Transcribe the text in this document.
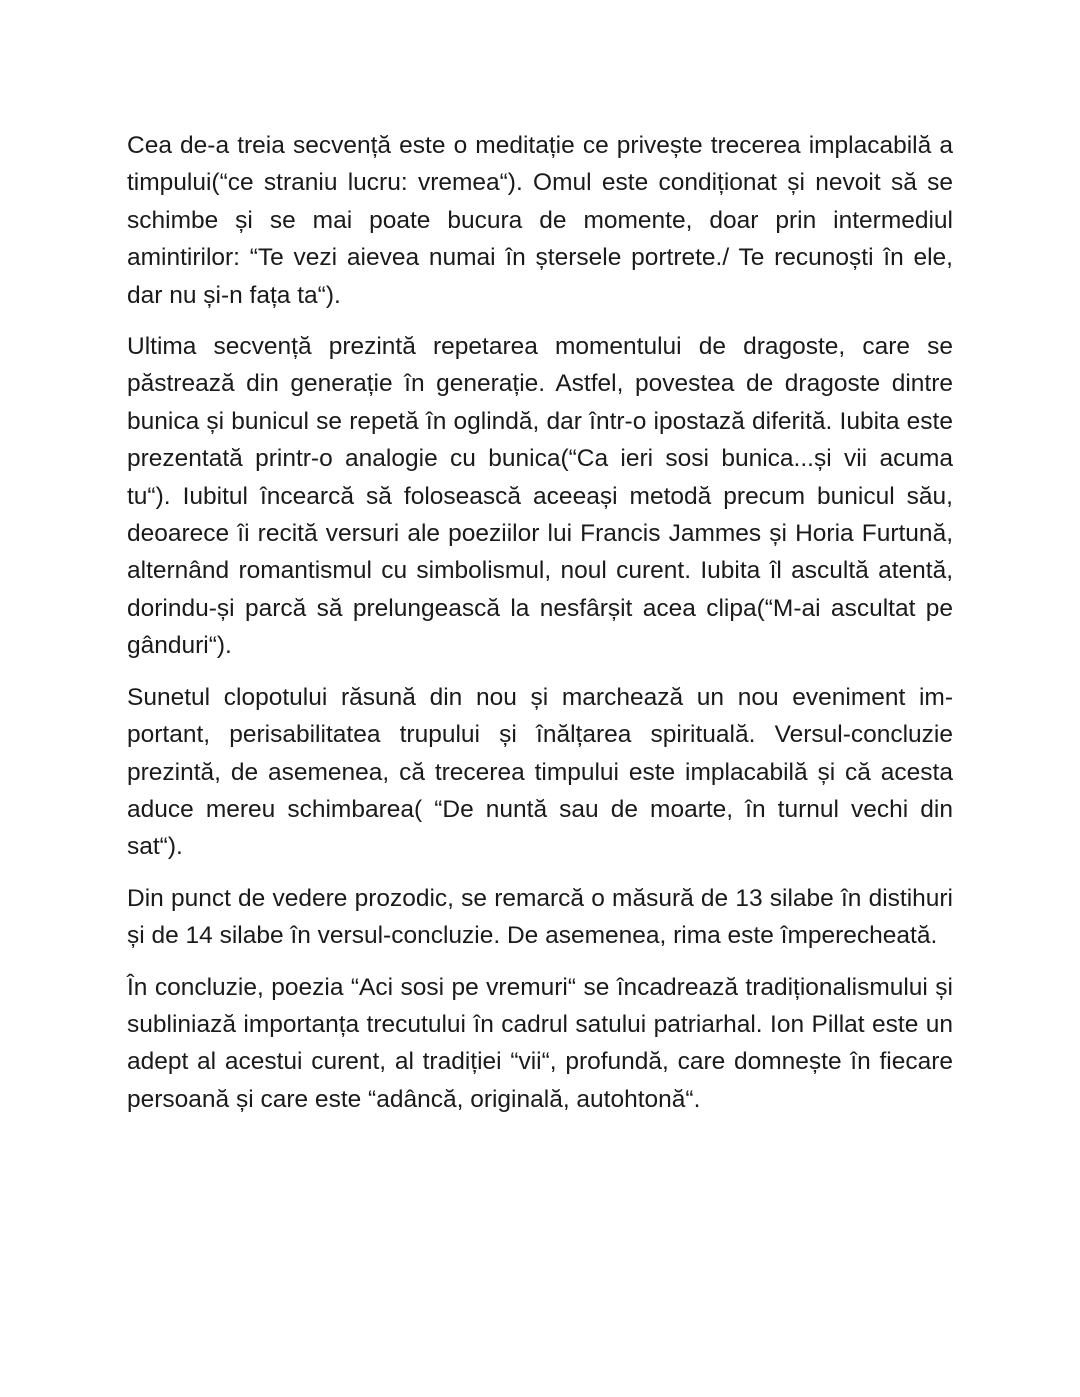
Cea de-a treia secvență este o meditație ce privește trecerea implacabilă a timpului(“ce straniu lucru: vremea“). Omul este condiționat și nevoit să se schimbe și se mai poate bucura de momente, doar prin intermediul amintirilor: “Te vezi aievea numai în ștersele portrete./ Te recunoști în ele, dar nu și-n fața ta“).

Ultima secvență prezintă repetarea momentului de dragoste, care se păstrează din generație în generație. Astfel, povestea de dragoste dintre bunica și bunicul se repetă în oglindă, dar într-o ipostază diferită. Iubita este prezentată printr-o analogie cu bunica(“Ca ieri sosi bunica...și vii acuma tu“). Iubitul încearcă să folosească aceeași metodă precum bunicul său, deoarece îi recită versuri ale poeziilor lui Francis Jammes și Horia Furtună, alternând romantismul cu simbolismul, noul curent. Iubita îl ascultă atentă, dorindu-și parcă să prelungească la nesfârșit acea clipa(“M-ai ascultat pe gânduri“).

Sunetul clopotului răsună din nou și marchează un nou eveniment important, perisabilitatea trupului și înălțarea spirituală. Versul-concluzie prezintă, de asemenea, că trecerea timpului este implacabilă și că acesta aduce mereu schimbarea( “De nuntă sau de moarte, în turnul vechi din sat“).

Din punct de vedere prozodic, se remarcă o măsură de 13 silabe în distihuri și de 14 silabe în versul-concluzie. De asemenea, rima este împerecheată.

În concluzie, poezia “Aci sosi pe vremuri“ se încadrează tradiționalismului și subliniază importanța trecutului în cadrul satului patriarhal. Ion Pillat este un adept al acestui curent, al tradiției “vii“, profundă, care domnește în fiecare persoană și care este “adâncă, originală, autohtonă“.
